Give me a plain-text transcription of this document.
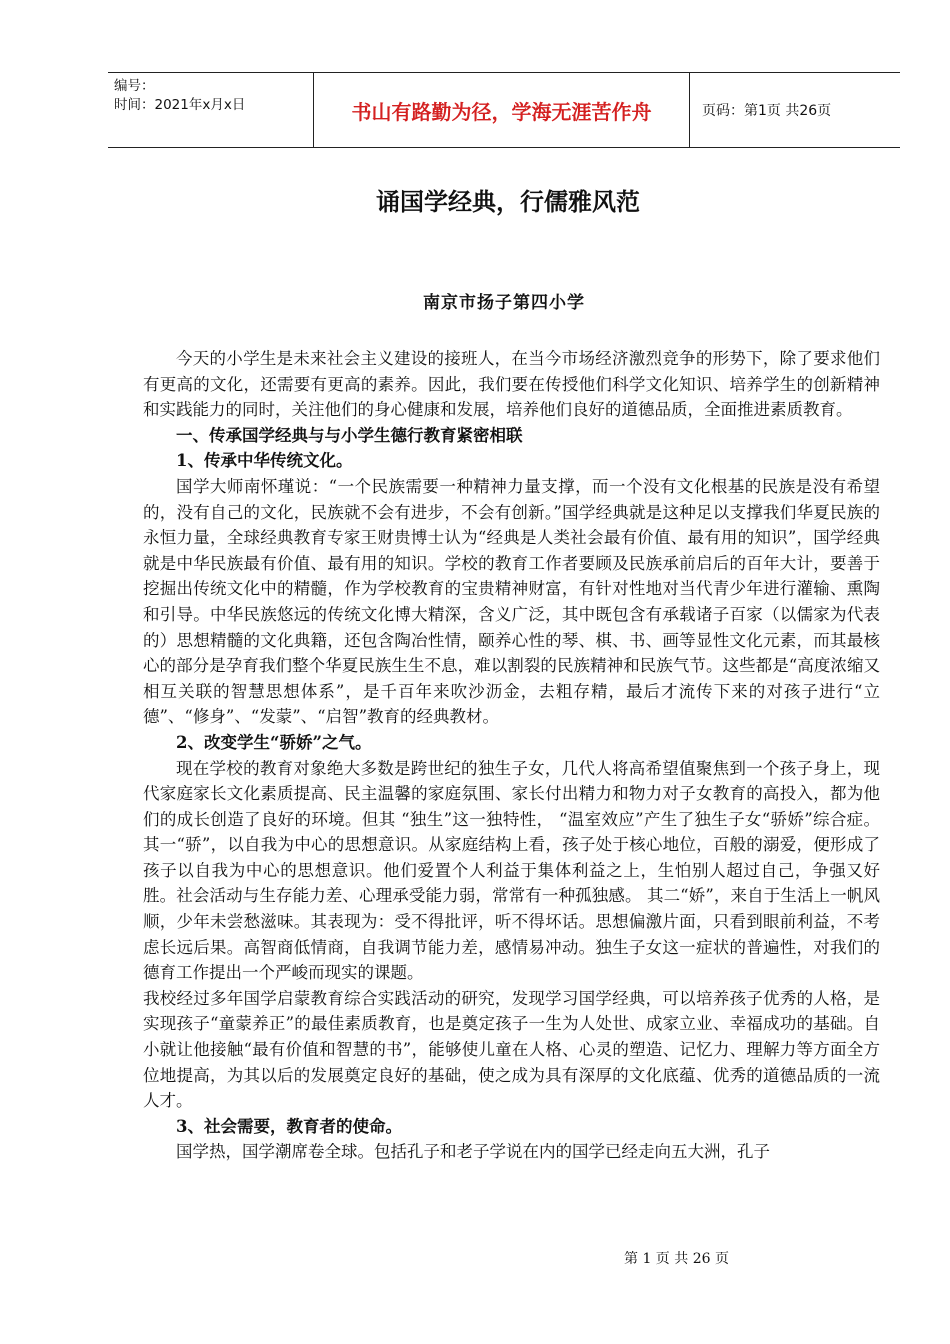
编号：
时间：2021年x月x日	书山有路勤为径，学海无涯苦作舟	页码：第1页 共26页
诵国学经典，行儒雅风范
南京市扬子第四小学

今天的小学生是未来社会主义建设的接班人，在当今市场经济激烈竞争的形势下，除了要求他们有更高的文化，还需要有更高的素养。因此，我们要在传授他们科学文化知识、培养学生的创新精神和实践能力的同时，关注他们的身心健康和发展，培养他们良好的道德品质，全面推进素质教育。

一、传承国学经典与与小学生德行教育紧密相联

1、传承中华传统文化。

国学大师南怀瑾说：“一个民族需要一种精神力量支撑，而一个没有文化根基的民族是没有希望的，没有自己的文化，民族就不会有进步，不会有创新。”国学经典就是这种足以支撑我们华夏民族的永恒力量，全球经典教育专家王财贵博士认为“经典是人类社会最有价值、最有用的知识”，国学经典就是中华民族最有价值、最有用的知识。学校的教育工作者要顾及民族承前启后的百年大计，要善于挖掘出传统文化中的精髓，作为学校教育的宝贵精神财富，有针对性地对当代青少年进行灌输、熏陶和引导。中华民族悠远的传统文化博大精深，含义广泛，其中既包含有承载诸子百家（以儒家为代表的）思想精髓的文化典籍，还包含陶冶性情，颐养心性的琴、棋、书、画等显性文化元素，而其最核心的部分是孕育我们整个华夏民族生生不息，难以割裂的民族精神和民族气节。这些都是“高度浓缩又相互关联的智慧思想体系”，是千百年来吹沙沥金，去粗存精，最后才流传下来的对孩子进行“立德”、“修身”、“发蒙”、“启智”教育的经典教材。

2、改变学生“骄娇”之气。

现在学校的教育对象绝大多数是跨世纪的独生子女，几代人将高希望值聚焦到一个孩子身上，现代家庭家长文化素质提高、民主温馨的家庭氛围、家长付出精力和物力对子女教育的高投入，都为他们的成长创造了良好的环境。但其 “独生”这一独特性， “温室效应”产生了独生子女“骄娇”综合症。其一“骄”，以自我为中心的思想意识。从家庭结构上看，孩子处于核心地位，百般的溺爱，便形成了孩子以自我为中心的思想意识。他们爱置个人利益于集体利益之上，生怕别人超过自己，争强又好胜。社会活动与生存能力差、心理承受能力弱，常常有一种孤独感。 其二“娇”，来自于生活上一帆风顺，少年未尝愁滋味。其表现为：受不得批评，听不得坏话。思想偏激片面，只看到眼前利益，不考虑长远后果。高智商低情商，自我调节能力差，感情易冲动。独生子女这一症状的普遍性，对我们的德育工作提出一个严峻而现实的课题。

我校经过多年国学启蒙教育综合实践活动的研究，发现学习国学经典，可以培养孩子优秀的人格，是实现孩子“童蒙养正”的最佳素质教育，也是奠定孩子一生为人处世、成家立业、幸福成功的基础。自小就让他接触“最有价值和智慧的书”，能够使儿童在人格、心灵的塑造、记忆力、理解力等方面全方位地提高，为其以后的发展奠定良好的基础，使之成为具有深厚的文化底蕴、优秀的道德品质的一流人才。

3、社会需要，教育者的使命。

国学热，国学潮席卷全球。包括孔子和老子学说在内的国学已经走向五大洲，孔子

第 1 页 共 26 页
